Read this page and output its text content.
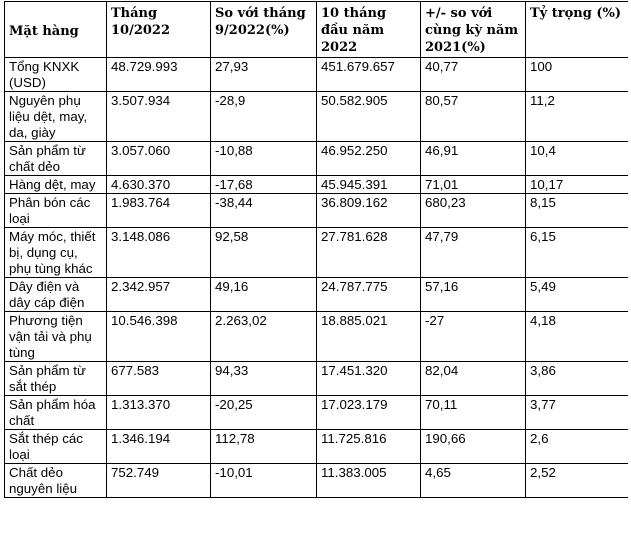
Mặt hàng	Tháng 10/2022	So với tháng 9/2022(%)	10 tháng đầu năm 2022	+/- so với cùng kỳ năm 2021(%)	Tỷ trọng (%)
Tổng KNXK (USD)	48.729.993	27,93	451.679.657	40,77	100
Nguyên phụ liệu dệt, may, da, giày	3.507.934	-28,9	50.582.905	80,57	11,2
Sản phẩm từ chất dẻo	3.057.060	-10,88	46.952.250	46,91	10,4
Hàng dệt, may	4.630.370	-17,68	45.945.391	71,01	10,17
Phân bón các loại	1.983.764	-38,44	36.809.162	680,23	8,15
Máy móc, thiết bị, dụng cụ, phụ tùng khác	3.148.086	92,58	27.781.628	47,79	6,15
Dây điện và dây cáp điện	2.342.957	49,16	24.787.775	57,16	5,49
Phương tiện vận tải và phụ tùng	10.546.398	2.263,02	18.885.021	-27	4,18
Sản phẩm từ sắt thép	677.583	94,33	17.451.320	82,04	3,86
Sản phẩm hóa chất	1.313.370	-20,25	17.023.179	70,11	3,77
Sắt thép các loại	1.346.194	112,78	11.725.816	190,66	2,6
Chất dẻo nguyên liệu	752.749	-10,01	11.383.005	4,65	2,52
